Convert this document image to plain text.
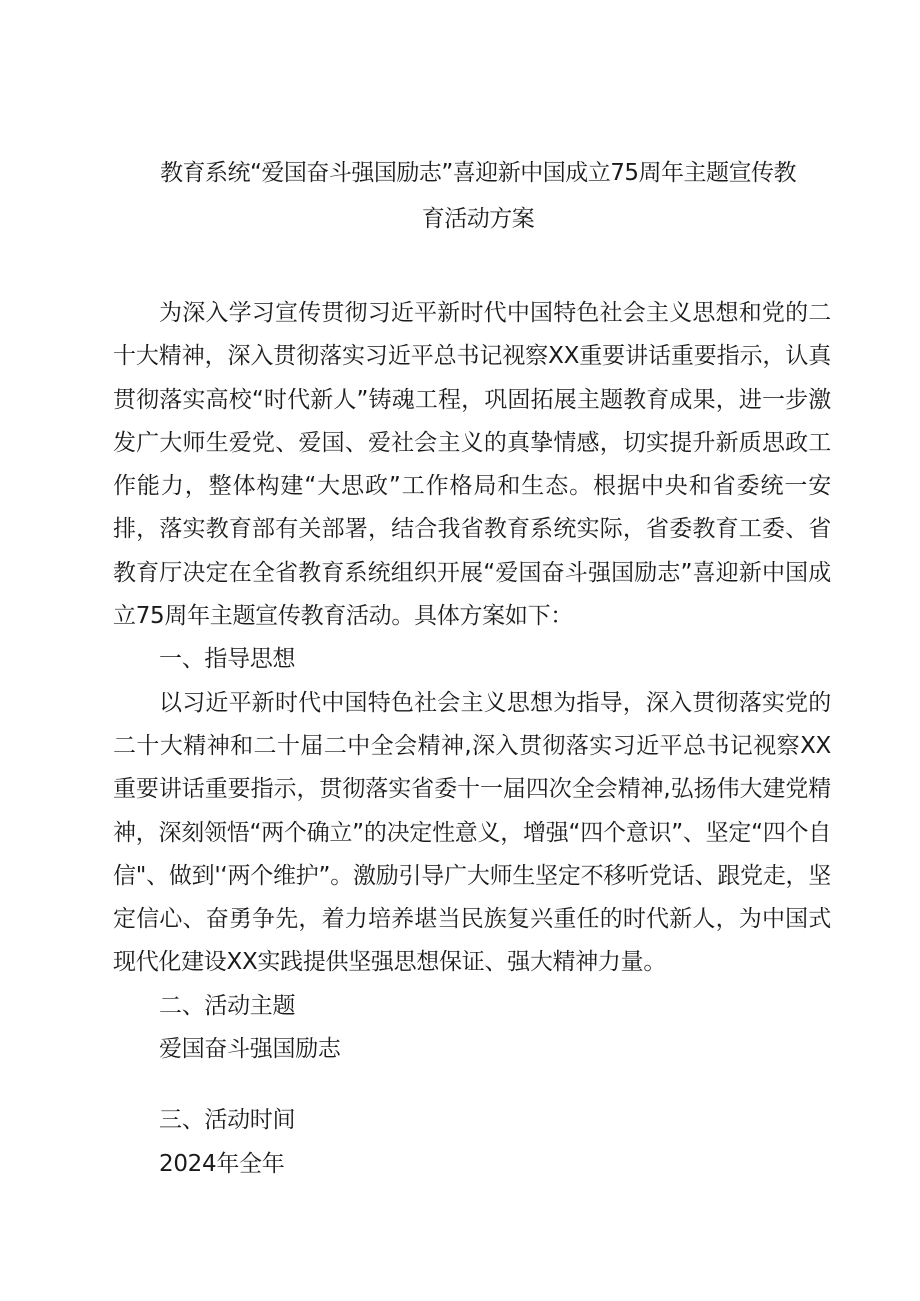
教育系统“爱国奋斗强国励志”喜迎新中国成立75周年主题宣传教
育活动方案

为深入学习宣传贯彻习近平新时代中国特色社会主义思想和党的二十大精神，深入贯彻落实习近平总书记视察XX重要讲话重要指示，认真贯彻落实高校“时代新人”铸魂工程，巩固拓展主题教育成果，进一步激发广大师生爱党、爱国、爱社会主义的真挚情感，切实提升新质思政工作能力，整体构建“大思政”工作格局和生态。根据中央和省委统一安排，落实教育部有关部署，结合我省教育系统实际，省委教育工委、省教育厅决定在全省教育系统组织开展“爱国奋斗强国励志”喜迎新中国成立75周年主题宣传教育活动。具体方案如下：

一、指导思想

以习近平新时代中国特色社会主义思想为指导，深入贯彻落实党的二十大精神和二十届二中全会精神,深入贯彻落实习近平总书记视察XX重要讲话重要指示，贯彻落实省委十一届四次全会精神,弘扬伟大建党精神，深刻领悟“两个确立”的决定性意义，增强“四个意识”、坚定“四个自信"、做到'‘两个维护”。激励引导广大师生坚定不移听党话、跟党走，坚定信心、奋勇争先，着力培养堪当民族复兴重任的时代新人，为中国式现代化建设XX实践提供坚强思想保证、强大精神力量。

二、活动主题

爱国奋斗强国励志

三、活动时间

2024年全年
